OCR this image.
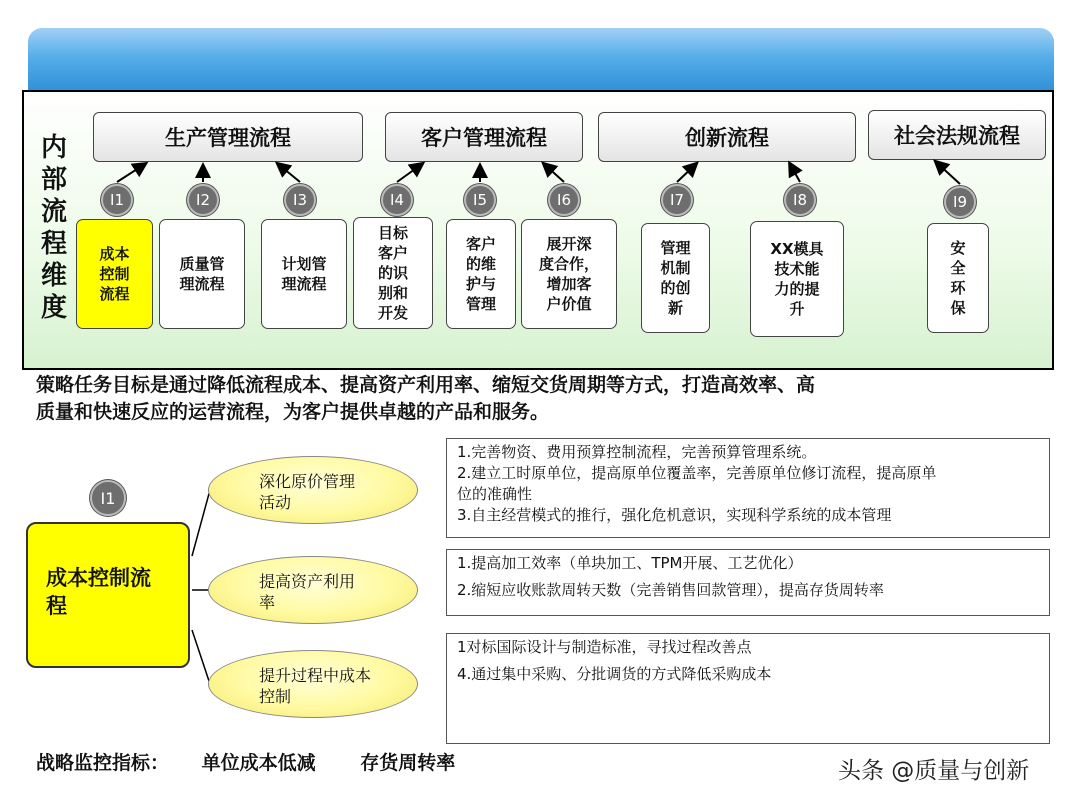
内
部
流
程
维
度
生产管理流程	客户管理流程	创新流程	社会法规流程
I1	I2	I3	I4	I5	I6	I7	I8	I9
成本
控制
流程
质量管
理流程
计划管
理流程
目标
客户
的识
别和
开发
客户
的维
护与
管理
展开深
度合作，
增加客
户价值
管理
机制
的创
新
XX模具
技术能
力的提
升
安
全
环
保
策略任务目标是通过降低流程成本、提高资产利用率、缩短交货周期等方式，打造高效率、高
质量和快速反应的运营流程，为客户提供卓越的产品和服务。
I1
成本控制流
程
深化原价管理
活动
提高资产利用
率
提升过程中成本
控制
1.完善物资、费用预算控制流程，完善预算管理系统。
2.建立工时原单位，提高原单位覆盖率，完善原单位修订流程，提高原单
位的准确性
3.自主经营模式的推行，强化危机意识，实现科学系统的成本管理
1.提高加工效率（单块加工、TPM开展、工艺优化）
2.缩短应收账款周转天数（完善销售回款管理），提高存货周转率
1对标国际设计与制造标准，寻找过程改善点
4.通过集中采购、分批调货的方式降低采购成本
战略监控指标： 单位成本低减 存货周转率	头条 @质量与创新
